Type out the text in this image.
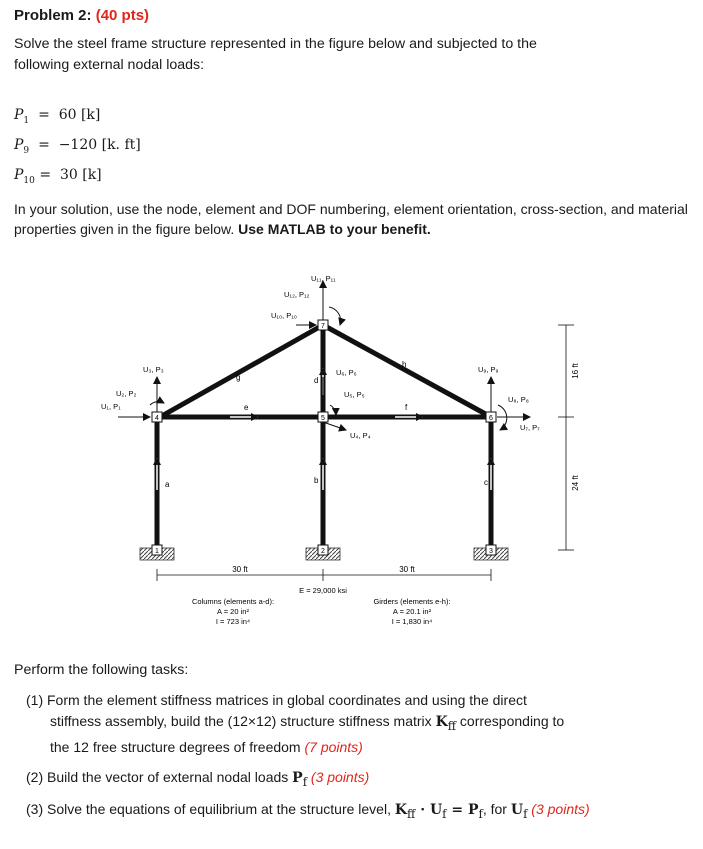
Problem 2: (40 pts)
Solve the steel frame structure represented in the figure below and subjected to the
following external nodal loads:
$P_1 = 60$ [k]
$P_9 = -120$ [k. ft]
$P_{10} = 30$ [k]
In your solution, use the node, element and DOF numbering, element orientation, cross-section, and material properties given in the figure below. Use MATLAB to your benefit.
1	2	3
4	5	6
7
a	b	c
d
e	f
g
h
U₁₁, P₁₁
U₁₂, P₁₂
U₁₀, P₁₀
U₃, P₃
U₂, P₂
U₁, P₁
U₆, P₆
U₅, P₅
U₄, P₄
U₉, P₉
U₈, P₈
U₇, P₇
30 ft	30 ft
16 ft
24 ft
E = 29,000 ksi
Columns (elements a-d):
A = 20 in²
I = 723 in⁴
Girders (elements e-h):
A = 20.1 in²
I = 1,830 in⁴
Perform the following tasks:
(1) Form the element stiffness matrices in global coordinates and using the direct
stiffness assembly, build the (12×12) structure stiffness matrix $K_{ff}$ corresponding to
the 12 free structure degrees of freedom (7 points)
(2) Build the vector of external nodal loads $P_f$ (3 points)
(3) Solve the equations of equilibrium at the structure level, $K_{ff} \cdot U_f = P_f$, for $U_f$ (3 points)
